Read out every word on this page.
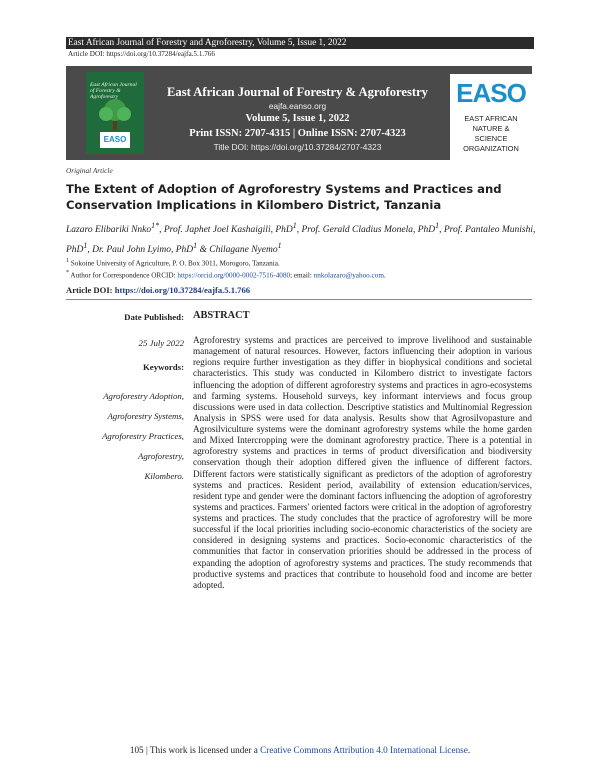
East African Journal of Forestry and Agroforestry, Volume 5, Issue 1, 2022
Article DOI: https://doi.org/10.37284/eajfa.5.1.766
East African Journal of Forestry & Agroforestry
EASO
East African Journal of Forestry & Agroforestry
eajfa.eanso.org
Volume 5, Issue 1, 2022
Print ISSN: 2707-4315 | Online ISSN: 2707-4323
Title DOI: https://doi.org/10.37284/2707-4323
EASO
EAST AFRICAN
NATURE &
SCIENCE
ORGANIZATION
Original Article
The Extent of Adoption of Agroforestry Systems and Practices and Conservation Implications in Kilombero District, Tanzania
Lazaro Elibariki Nnko$^{1*}$, Prof. Japhet Joel Kashaigili, PhD$^1$, Prof. Gerald Cladius Monela, PhD$^1$, Prof. Pantaleo Munishi, PhD$^1$, Dr. Paul John Lyimo, PhD$^1$ & Chilagane Nyemo$^1$
$^1$ Sokoine University of Agriculture, P. O. Box 3011, Morogoro, Tanzania.
* Author for Correspondence ORCID: https://orcid.org/0000-0002-7516-4080; email: nnkolazaro@yahoo.com.
Article DOI: https://doi.org/10.37284/eajfa.5.1.766
Date Published:
25 July 2022
Keywords:
Agroforestry Adoption,
Agroforestry Systems,
Agroforestry Practices,
Agroforestry,
Kilombero.
ABSTRACT
Agroforestry systems and practices are perceived to improve livelihood and sustainable management of natural resources. However, factors influencing their adoption in various regions require further investigation as they differ in biophysical conditions and societal characteristics. This study was conducted in Kilombero district to investigate factors influencing the adoption of different agroforestry systems and practices in agro-ecosystems and farming systems. Household surveys, key informant interviews and focus group discussions were used in data collection. Descriptive statistics and Multinomial Regression Analysis in SPSS were used for data analysis. Results show that Agrosilvopasture and Agrosilviculture systems were the dominant agroforestry systems while the home garden and Mixed Intercropping were the dominant agroforestry practice. There is a potential in agroforestry systems and practices in terms of product diversification and biodiversity conservation though their adoption differed given the influence of different factors. Different factors were statistically significant as predictors of the adoption of agroforestry systems and practices. Resident period, availability of extension education/services, resident type and gender were the dominant factors influencing the adoption of agroforestry systems and practices. Farmers' oriented factors were critical in the adoption of agroforestry systems and practices. The study concludes that the practice of agroforestry will be more successful if the local priorities including socio-economic characteristics of the society are considered in designing systems and practices. Socio-economic characteristics of the communities that factor in conservation priorities should be addressed in the process of expanding the adoption of agroforestry systems and practices. The study recommends that productive systems and practices that contribute to household food and income are better adopted.
105 | This work is licensed under a Creative Commons Attribution 4.0 International License.
